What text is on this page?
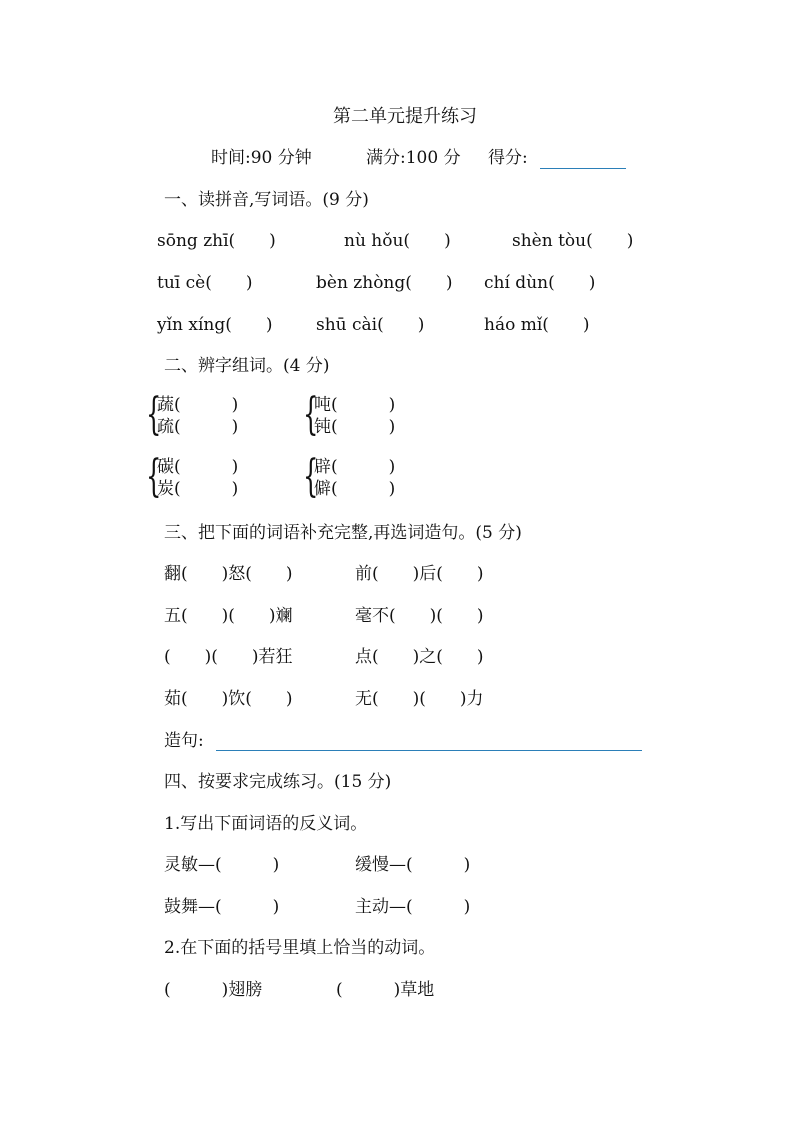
第二单元提升练习
时间:90 分钟	满分:100 分 得分:
一、读拼音,写词语。(9 分)
sōng zhī(　　)	nù hǒu(　　)	shèn tòu(　　)
tuī cè(　　)	bèn zhòng(　　) chí dùn(　　)
yǐn xíng(　　)	shū cài(　　)	háo mǐ(　　)
二、辨字组词。(4 分)
{
蔬(　　　)
疏(　　　) {
吨(　　　)
钝(　　　)
{
碳(　　　)
炭(　　　) {
辟(　　　)
僻(　　　)
三、把下面的词语补充完整,再选词造句。(5 分)
翻(　　)怒(　　)	前(　　)后(　　)
五(　　)(　　)斓	毫不(　　)(　　)
(　　)(　　)若狂	点(　　)之(　　)
茹(　　)饮(　　)	无(　　)(　　)力
造句:
四、按要求完成练习。(15 分)
1.写出下面词语的反义词。
灵敏—(　　　)	缓慢—(　　　)
鼓舞—(　　　)	主动—(　　　)
2.在下面的括号里填上恰当的动词。
(　　　)翅膀	(　　　)草地
